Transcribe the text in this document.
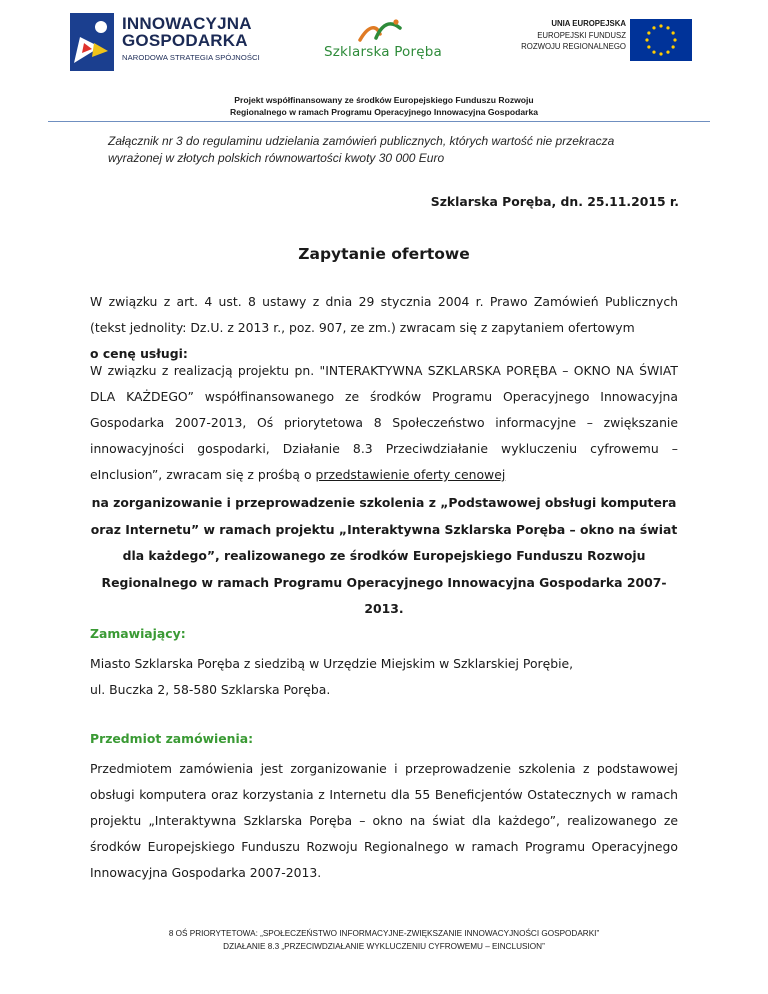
INNOWACYJNA
GOSPODARKA
NARODOWA STRATEGIA SPÓJNOŚCI	Szklarska Poręba
UNIA EUROPEJSKA
EUROPEJSKI FUNDUSZ
ROZWOJU REGIONALNEGO
Projekt współfinansowany ze środków Europejskiego Funduszu Rozwoju
Regionalnego w ramach Programu Operacyjnego Innowacyjna Gospodarka
Załącznik nr 3 do regulaminu udzielania zamówień publicznych, których wartość nie przekracza wyrażonej w złotych polskich równowartości kwoty 30 000 Euro
Szklarska Poręba, dn. 25.11.2015 r.
Zapytanie ofertowe
W związku z art. 4 ust. 8 ustawy z dnia 29 stycznia 2004 r. Prawo Zamówień Publicznych (tekst jednolity: Dz.U. z 2013 r., poz. 907, ze zm.) zwracam się z zapytaniem ofertowym
o cenę usługi:
W związku z realizacją projektu pn. "INTERAKTYWNA SZKLARSKA PORĘBA – OKNO NA ŚWIAT DLA KAŻDEGO” współfinansowanego ze środków Programu Operacyjnego Innowacyjna Gospodarka 2007-2013, Oś priorytetowa 8 Społeczeństwo informacyjne – zwiększanie innowacyjności gospodarki, Działanie 8.3 Przeciwdziałanie wykluczeniu cyfrowemu – eInclusion”, zwracam się z prośbą o przedstawienie oferty cenowej
na zorganizowanie i przeprowadzenie szkolenia z „Podstawowej obsługi komputera oraz Internetu” w ramach projektu „Interaktywna Szklarska Poręba – okno na świat dla każdego”, realizowanego ze środków Europejskiego Funduszu Rozwoju Regionalnego w ramach Programu Operacyjnego Innowacyjna Gospodarka 2007-2013.
Zamawiający:
Miasto Szklarska Poręba z siedzibą w Urzędzie Miejskim w Szklarskiej Porębie,
ul. Buczka 2, 58-580 Szklarska Poręba.
Przedmiot zamówienia:
Przedmiotem zamówienia jest zorganizowanie i przeprowadzenie szkolenia z podstawowej obsługi komputera oraz korzystania z Internetu dla 55 Beneficjentów Ostatecznych w ramach projektu „Interaktywna Szklarska Poręba – okno na świat dla każdego”, realizowanego ze środków Europejskiego Funduszu Rozwoju Regionalnego w ramach Programu Operacyjnego Innowacyjna Gospodarka 2007-2013.
8 OŚ PRIORYTETOWA: „SPOŁECZEŃSTWO INFORMACYJNE-ZWIĘKSZANIE INNOWACYJNOŚCI GOSPODARKI”
DZIAŁANIE 8.3 „PRZECIWDZIAŁANIE WYKLUCZENIU CYFROWEMU – EINCLUSION”
